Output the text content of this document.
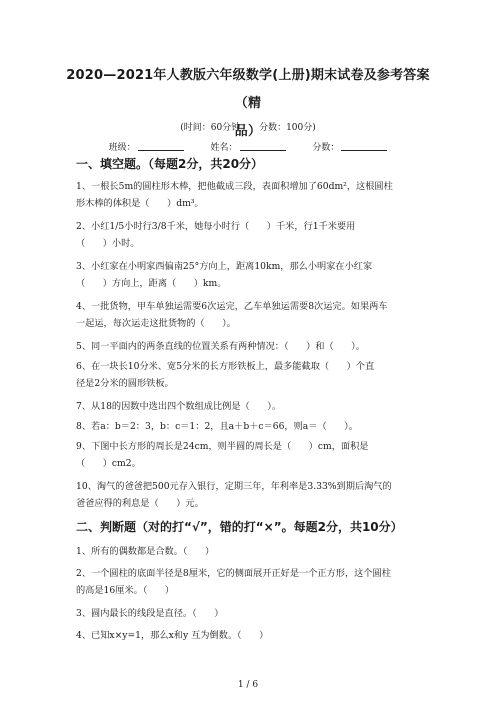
2020—2021年人教版六年级数学(上册)期末试卷及参考答案（精
品）
(时间：60分钟 分数：100分)
班级：	姓名：	分数：
一、填空题。（每题2分，共20分）
1、一根长5m的圆柱形木棒，把他截成三段，表面积增加了60dm²，这根圆柱
形木棒的体积是（      ）dm³。
2、小红1/5小时行3/8千米，她每小时行（      ）千米，行1千米要用
（      ）小时。
3、小红家在小明家西偏南25°方向上，距离10km，那么小明家在小红家
（      ）方向上，距离（      ）km。
4、一批货物，甲车单独运需要6次运完，乙车单独运需要8次运完。如果两车
一起运，每次运走这批货物的（      ）。
5、同一平面内的两条直线的位置关系有两种情况：（      ）和（      ）。
6、在一块长10分米、宽5分米的长方形铁板上，最多能截取（      ）个直
径是2分米的圆形铁板。
7、从18的因数中选出四个数组成比例是（      ）。
8、若a：b＝2：3，b：c＝1：2，且a＋b＋c＝66，则a＝（      ）。
9、下图中长方形的周长是24cm，则半圆的周长是（      ）cm，面积是
（      ）cm2。
10、淘气的爸爸把500元存入银行，定期三年，年利率是3.33%到期后淘气的
爸爸应得的利息是（      ）元。
二、判断题（对的打“√”，错的打“×”。每题2分，共10分）
1、所有的偶数都是合数。（      ）
2、一个圆柱的底面半径是8厘米，它的侧面展开正好是一个正方形，这个圆柱
的高是16厘米。（      ）
3、圆内最长的线段是直径。（      ）
4、已知x×y=1，那么x和y 互为倒数。（      ）
1 / 6
